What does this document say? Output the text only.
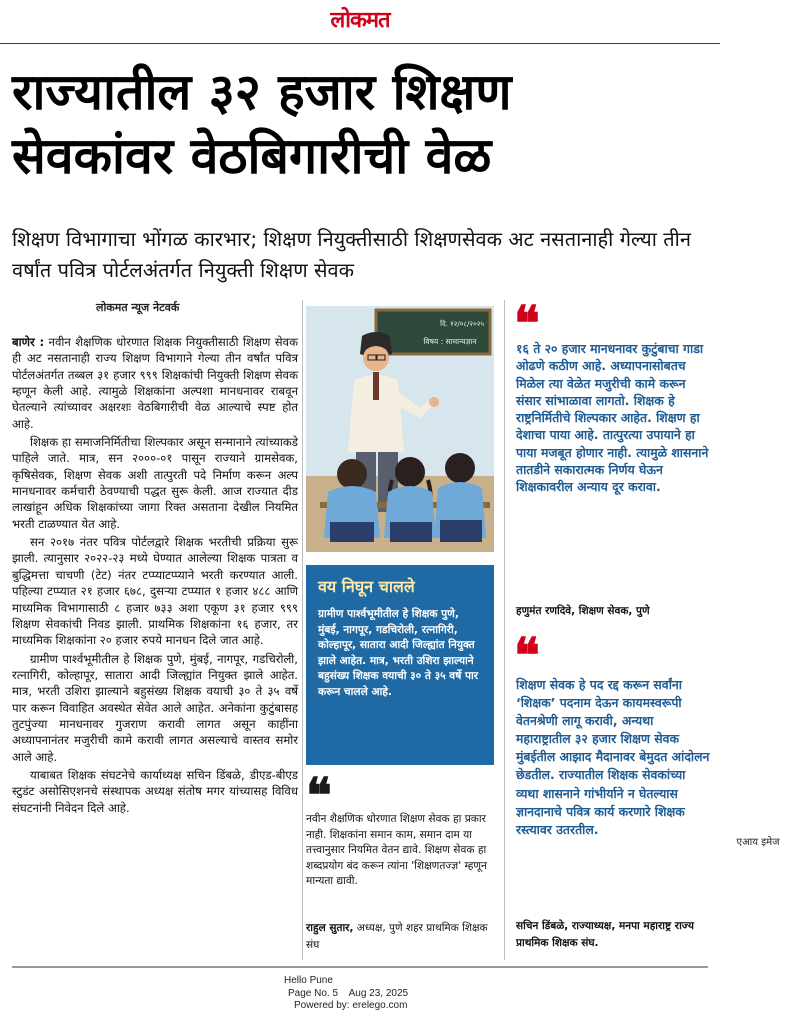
लोकमत
राज्यातील ३२ हजार शिक्षण
सेवकांवर वेठबिगारीची वेळ
शिक्षण विभागाचा भोंगळ कारभार; शिक्षण नियुक्तीसाठी शिक्षणसेवक अट नसतानाही गेल्या तीन वर्षांत पवित्र पोर्टलअंतर्गत नियुक्ती शिक्षण सेवक
लोकमत न्यूज नेटवर्क

बाणेर : नवीन शैक्षणिक धोरणात शिक्षक नियुक्तीसाठी शिक्षण सेवक ही अट नसतानाही राज्य शिक्षण विभागाने गेल्या तीन वर्षांत पवित्र पोर्टलअंतर्गत तब्बल ३१ हजार ९९९ शिक्षकांची नियुक्ती शिक्षण सेवक म्हणून केली आहे. त्यामुळे शिक्षकांना अल्पशा मानधनावर राबवून घेतल्याने त्यांच्यावर अक्षरशः वेठबिगारीची वेळ आल्याचे स्पष्ट होत आहे.

शिक्षक हा समाजनिर्मितीचा शिल्पकार असून सन्मानाने त्यांच्याकडे पाहिले जाते. मात्र, सन २०००-०१ पासून राज्याने ग्रामसेवक, कृषिसेवक, शिक्षण सेवक अशी तात्पुरती पदे निर्माण करून अल्प मानधनावर कर्मचारी ठेवण्याची पद्धत सुरू केली. आज राज्यात दीड लाखांहून अधिक शिक्षकांच्या जागा रिक्त असताना देखील नियमित भरती टाळण्यात येत आहे.

सन २०१७ नंतर पवित्र पोर्टलद्वारे शिक्षक भरतीची प्रक्रिया सुरू झाली. त्यानुसार २०२२-२३ मध्ये घेण्यात आलेल्या शिक्षक पात्रता व बुद्धिमत्ता चाचणी (टेट) नंतर टप्प्याटप्प्याने भरती करण्यात आली. पहिल्या टप्प्यात २१ हजार ६७८, दुसऱ्या टप्प्यात १ हजार ४८८ आणि माध्यमिक विभागासाठी ८ हजार ७३३ अशा एकूण ३१ हजार ९९९ शिक्षण सेवकांची निवड झाली. प्राथमिक शिक्षकांना १६ हजार, तर माध्यमिक शिक्षकांना २० हजार रुपये मानधन दिले जात आहे.

ग्रामीण पार्श्वभूमीतील हे शिक्षक पुणे, मुंबई, नागपूर, गडचिरोली, रत्नागिरी, कोल्हापूर, सातारा आदी जिल्ह्यांत नियुक्त झाले आहेत. मात्र, भरती उशिरा झाल्याने बहुसंख्य शिक्षक वयाची ३० ते ३५ वर्षे पार करून विवाहित अवस्थेत सेवेत आले आहेत. अनेकांना कुटुंबासह तुटपुंज्या मानधनावर गुजराण करावी लागत असून काहींना अध्यापनानंतर मजुरीची कामे करावी लागत असल्याचे वास्तव समोर आले आहे.

याबाबत शिक्षक संघटनेचे कार्याध्यक्ष सचिन डिंबळे, डीएड-बीएड स्टुडंट असोसिएशनचे संस्थापक अध्यक्ष संतोष मगर यांच्यासह विविध संघटनांनी निवेदन दिले आहे.

दि. १२/०८/२०२५
विषय : सामान्यज्ञान
एआय इमेज
वय निघून चालले
ग्रामीण पार्श्वभूमीतील हे शिक्षक पुणे, मुंबई, नागपूर, गडचिरोली, रत्नागिरी, कोल्हापूर, सातारा आदी जिल्ह्यांत नियुक्त झाले आहेत. मात्र, भरती उशिरा झाल्याने बहुसंख्य शिक्षक वयाची ३० ते ३५ वर्षे पार करून चालले आहे.
❝
१६ ते २० हजार मानधनावर कुटुंबाचा गाडा ओढणे कठीण आहे. अध्यापनासोबतच मिळेल त्या वेळेत मजुरीची कामे करून संसार सांभाळावा लागतो. शिक्षक हे राष्ट्रनिर्मितीचे शिल्पकार आहेत. शिक्षण हा देशाचा पाया आहे. तात्पुरत्या उपायाने हा पाया मजबूत होणार नाही. त्यामुळे शासनाने तातडीने सकारात्मक निर्णय घेऊन शिक्षकावरील अन्याय दूर करावा.
हणुमंत रणदिवे, शिक्षण सेवक, पुणे
❝
शिक्षण सेवक हे पद रद्द करून सर्वांना ‘शिक्षक’ पदनाम देऊन कायमस्वरूपी वेतनश्रेणी लागू करावी, अन्यथा महाराष्ट्रातील ३२ हजार शिक्षण सेवक मुंबईतील आझाद मैदानावर बेमुदत आंदोलन छेडतील. राज्यातील शिक्षक सेवकांच्या व्यथा शासनाने गांभीर्याने न घेतल्यास ज्ञानदानाचे पवित्र कार्य करणारे शिक्षक रस्त्यावर उतरतील.
सचिन डिंबळे, राज्याध्यक्ष, मनपा महाराष्ट्र राज्य प्राथमिक शिक्षक संघ.
❝
नवीन शैक्षणिक धोरणात शिक्षण सेवक हा प्रकार नाही. शिक्षकांना समान काम, समान दाम या तत्त्वानुसार नियमित वेतन द्यावे. शिक्षण सेवक हा शब्दप्रयोग बंद करून त्यांना 'शिक्षणतज्ज्ञ' म्हणून मान्यता द्यावी.
राहुल सुतार, अध्यक्ष, पुणे शहर प्राथमिक शिक्षक संघ
Hello Pune
Page No. 5    Aug 23, 2025
Powered by: erelego.com
